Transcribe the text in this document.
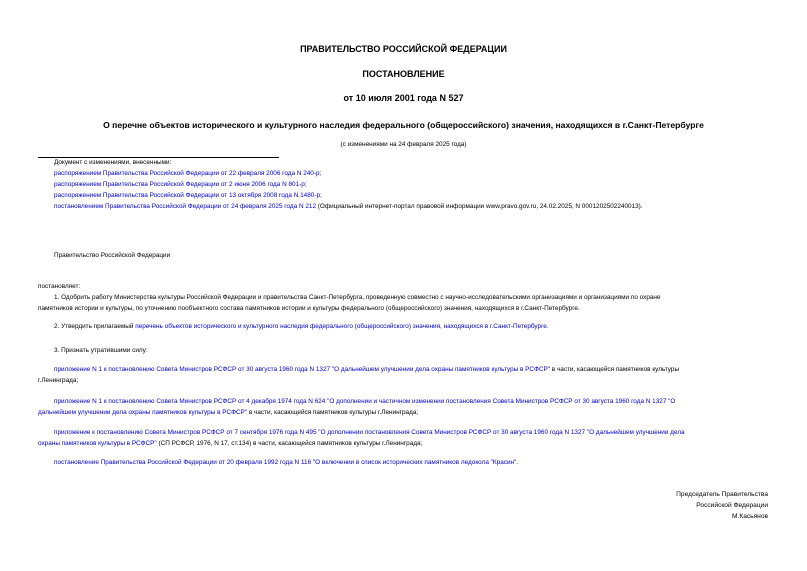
ПРАВИТЕЛЬСТВО РОССИЙСКОЙ ФЕДЕРАЦИИ
ПОСТАНОВЛЕНИЕ
от 10 июля 2001 года N 527
О перечне объектов исторического и культурного наследия федерального (общероссийского) значения, находящихся в г.Санкт-Петербурге
(с изменениями на 24 февраля 2025 года)
Документ с изменениями, внесенными:
распоряжением Правительства Российской Федерации от 22 февраля 2006 года N 240-р;
распоряжением Правительства Российской Федерации от 2 июня 2006 года N 801-р;
распоряжением Правительства Российской Федерации от 13 октября 2008 года N 1480-р;
постановлением Правительства Российской Федерации от 24 февраля 2025 года N 212 (Официальный интернет-портал правовой информации www.pravo.gov.ru, 24.02.2025, N 0001202502240013).
Правительство Российской Федерации
постановляет:
1. Одобрить работу Министерства культуры Российской Федерации и правительства Санкт-Петербурга, проведенную совместно с научно-исследовательскими организациями и организациями по охране
памятников истории и культуры, по уточнению пообъектного состава памятников истории и культуры федерального (общероссийского) значения, находящихся в г.Санкт-Петербурге.
2. Утвердить прилагаемый перечень объектов исторического и культурного наследия федерального (общероссийского) значения, находящихся в г.Санкт-Петербурге.
3. Признать утратившими силу:
приложение N 1 к постановлению Совета Министров РСФСР от 30 августа 1960 года N 1327 "О дальнейшем улучшении дела охраны памятников культуры в РСФСР" в части, касающейся памятников культуры
г.Ленинграда;
приложение N 1 к постановлению Совета Министров РСФСР от 4 декабря 1974 года N 624 "О дополнении и частичном изменении постановления Совета Министров РСФСР от 30 августа 1960 года N 1327 "О
дальнейшем улучшении дела охраны памятников культуры в РСФСР" в части, касающейся памятников культуры г.Ленинграда;
приложение к постановлению Совета Министров РСФСР от 7 сентября 1976 года N 495 "О дополнении постановления Совета Министров РСФСР от 30 августа 1960 года N 1327 "О дальнейшем улучшении дела
охраны памятников культуры в РСФСР" (СП РСФСР, 1976, N 17, ст.134) в части, касающейся памятников культуры г.Ленинграда;
постановление Правительства Российской Федерации от 20 февраля 1992 года N 116 "О включении в список исторических памятников ледокола "Красин".
Председатель Правительства
Российской Федерации
М.Касьянов
